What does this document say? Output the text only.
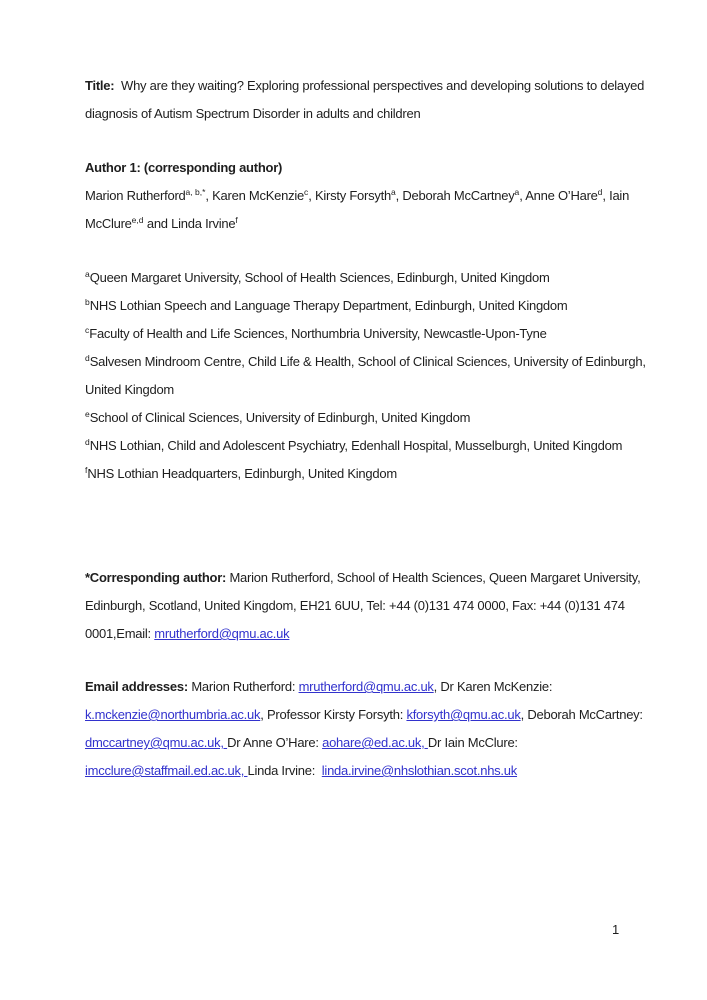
Title:  Why are they waiting? Exploring professional perspectives and developing solutions to delayed
diagnosis of Autism Spectrum Disorder in adults and children
Author 1: (corresponding author)
Marion Rutherford$^{a, b,*}$, Karen McKenzie$^c$, Kirsty Forsyth$^a$, Deborah McCartney$^a$, Anne O’Hare$^d$, Iain
McClure$^{e,d}$ and Linda Irvine$^f$
$^a$Queen Margaret University, School of Health Sciences, Edinburgh, United Kingdom
$^b$NHS Lothian Speech and Language Therapy Department, Edinburgh, United Kingdom
$^c$Faculty of Health and Life Sciences, Northumbria University, Newcastle-Upon-Tyne
$^d$Salvesen Mindroom Centre, Child Life & Health, School of Clinical Sciences, University of Edinburgh,
United Kingdom
$^e$School of Clinical Sciences, University of Edinburgh, United Kingdom
$^d$NHS Lothian, Child and Adolescent Psychiatry, Edenhall Hospital, Musselburgh, United Kingdom
$^f$NHS Lothian Headquarters, Edinburgh, United Kingdom
*Corresponding author: Marion Rutherford, School of Health Sciences, Queen Margaret University,
Edinburgh, Scotland, United Kingdom, EH21 6UU, Tel: +44 (0)131 474 0000, Fax: +44 (0)131 474
0001,Email: mrutherford@qmu.ac.uk
Email addresses: Marion Rutherford: mrutherford@qmu.ac.uk, Dr Karen McKenzie:
k.mckenzie@northumbria.ac.uk, Professor Kirsty Forsyth: kforsyth@qmu.ac.uk, Deborah McCartney:
dmccartney@qmu.ac.uk, Dr Anne O’Hare: aohare@ed.ac.uk, Dr Iain McClure:
imcclure@staffmail.ed.ac.uk, Linda Irvine:  linda.irvine@nhslothian.scot.nhs.uk
1
